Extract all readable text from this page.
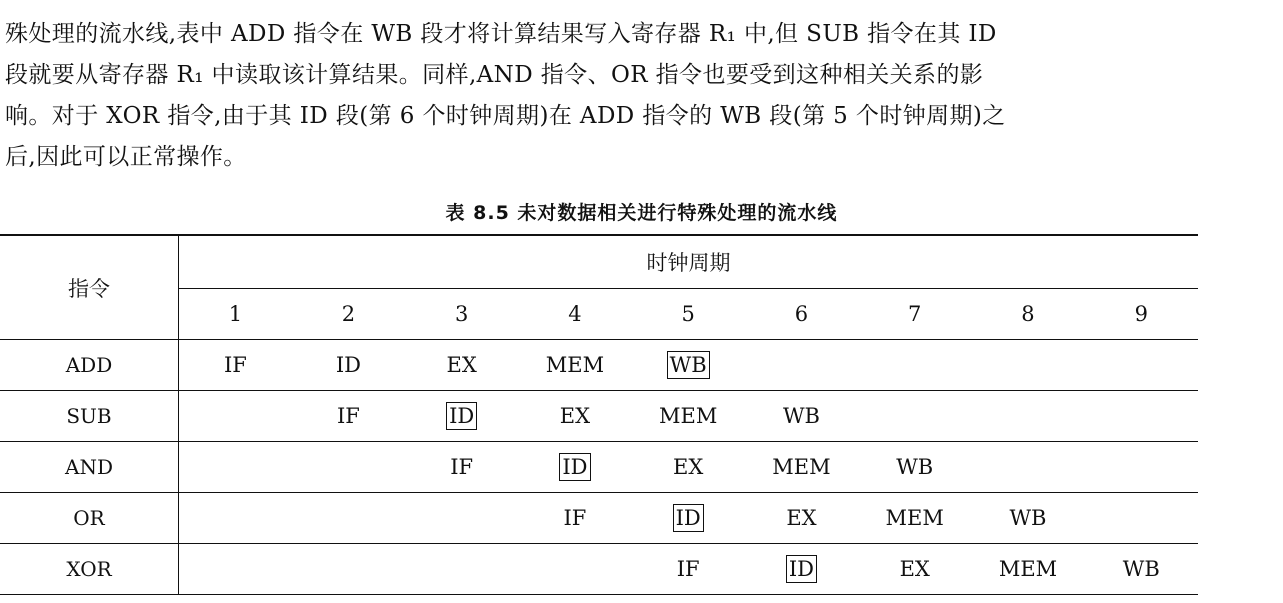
殊处理的流水线,表中 ADD 指令在 WB 段才将计算结果写入寄存器 R₁ 中,但 SUB 指令在其 ID
段就要从寄存器 R₁ 中读取该计算结果。同样,AND 指令、OR 指令也要受到这种相关关系的影
响。对于 XOR 指令,由于其 ID 段(第 6 个时钟周期)在 ADD 指令的 WB 段(第 5 个时钟周期)之
后,因此可以正常操作。
表 8.5 未对数据相关进行特殊处理的流水线
指令	时钟周期								
	1	2	3	4	5	6	7	8	9
ADD	IF	ID	EX	MEM	WB				
SUB		IF	ID	EX	MEM	WB			
AND			IF	ID	EX	MEM	WB		
OR				IF	ID	EX	MEM	WB	
XOR					IF	ID	EX	MEM	WB
